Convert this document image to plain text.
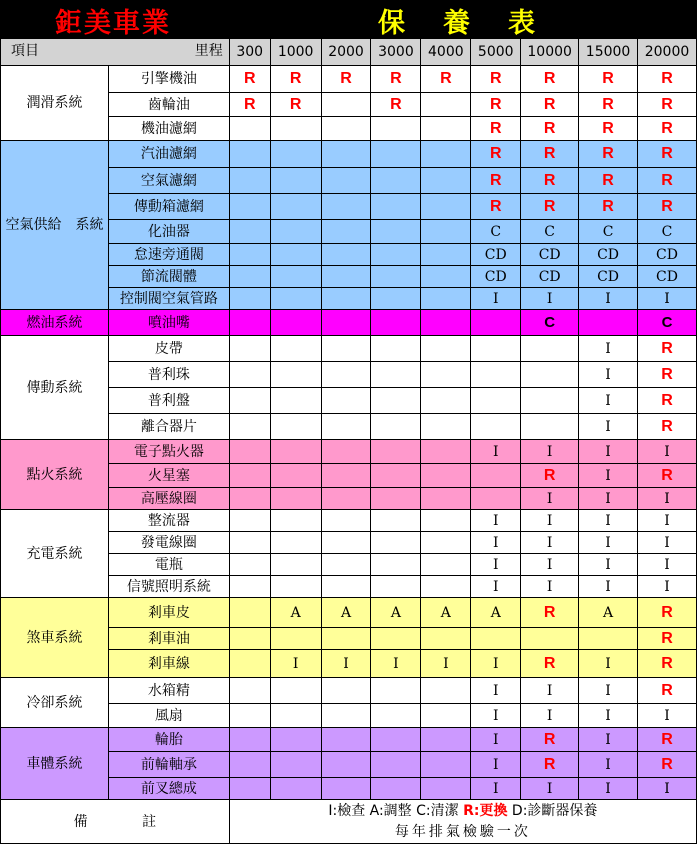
鉅美車業	保養表
項目 里程		300	1000	2000	3000	4000	5000	10000	15000	20000
潤滑系統	引擎機油	R	R	R	R	R	R	R	R	R
	齒輪油	R	R		R		R	R	R	R
	機油濾網						R	R	R	R
空氣供給　系統	汽油濾網						R	R	R	R
	空氣濾網						R	R	R	R
	傳動箱濾網						R	R	R	R
	化油器						C	C	C	C
	怠速旁通閥						CD	CD	CD	CD
	節流閥體						CD	CD	CD	CD
	控制閥空氣管路						I	I	I	I
燃油系統	噴油嘴							C		C
傳動系統	皮帶								I	R
	普利珠								I	R
	普利盤								I	R
	離合器片								I	R
點火系統	電子點火器						I	I	I	I
	火星塞							R	I	R
	高壓線圈							I	I	I
充電系統	整流器						I	I	I	I
	發電線圈						I	I	I	I
	電瓶						I	I	I	I
	信號照明系統						I	I	I	I
煞車系統	剎車皮		A	A	A	A	A	R	A	R
	剎車油									R
	剎車線		I	I	I	I	I	R	I	R
冷卻系統	水箱精						I	I	I	R
	風扇						I	I	I	I
車體系統	輪胎						I	R	I	R
	前輪軸承						I	R	I	R
	前叉總成						I	I	I	I
備 註		I:檢查 A:調整 C:清潔 R:更換 D:診斷器保養								
		每年排氣檢驗一次								
